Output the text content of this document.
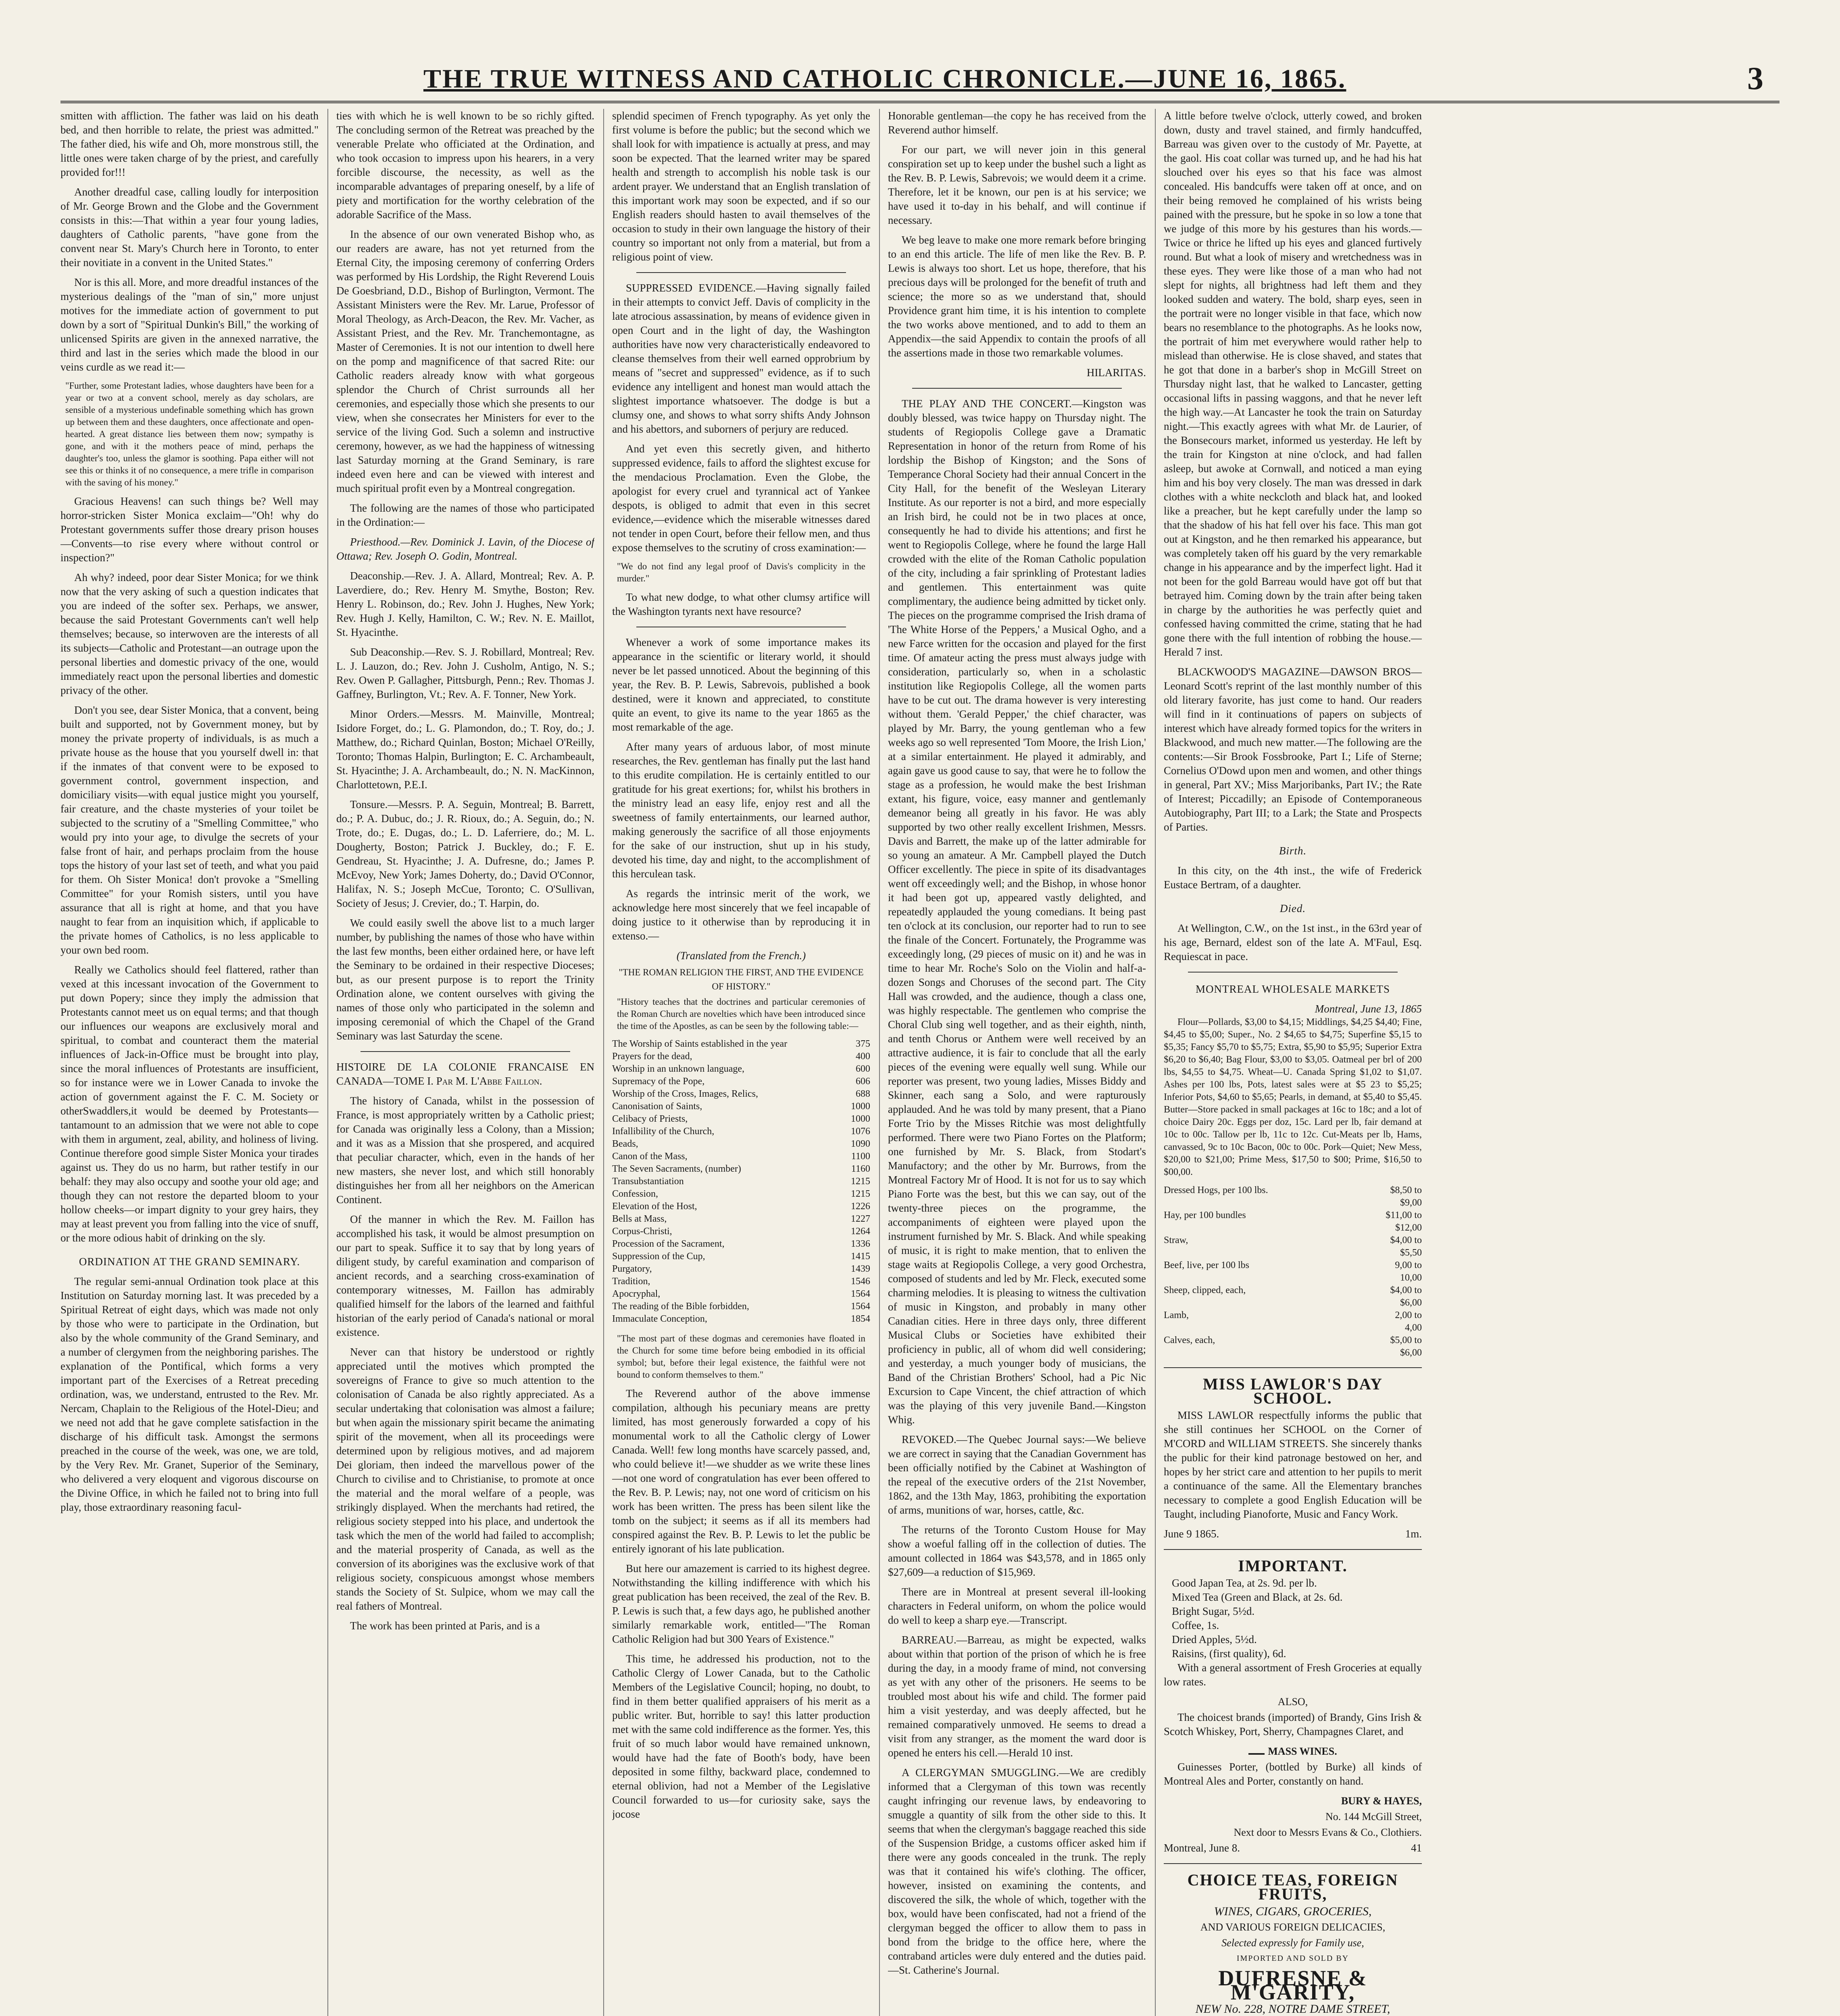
THE TRUE WITNESS AND CATHOLIC CHRONICLE.—JUNE 16, 1865.	3

smitten with affliction. The father was laid on his death bed, and then horrible to relate, the priest was admitted." The father died, his wife and Oh, more monstrous still, the little ones were taken charge of by the priest, and carefully provided for!!!

Another dreadful case, calling loudly for interposition of Mr. George Brown and the Globe and the Government consists in this:—That within a year four young ladies, daughters of Catholic parents, "have gone from the convent near St. Mary's Church here in Toronto, to enter their novitiate in a convent in the United States."

Nor is this all. More, and more dreadful instances of the mysterious dealings of the "man of sin," more unjust motives for the immediate action of government to put down by a sort of "Spiritual Dunkin's Bill," the working of unlicensed Spirits are given in the annexed narrative, the third and last in the series which made the blood in our veins curdle as we read it:—

"Further, some Protestant ladies, whose daughters have been for a year or two at a convent school, merely as day scholars, are sensible of a mysterious undefinable something which has grown up between them and these daughters, once affectionate and open-hearted. A great distance lies between them now; sympathy is gone, and with it the mothers peace of mind, perhaps the daughter's too, unless the glamor is soothing. Papa either will not see this or thinks it of no consequence, a mere trifle in comparison with the saving of his money."

Gracious Heavens! can such things be? Well may horror-stricken Sister Monica exclaim—"Oh! why do Protestant governments suffer those dreary prison houses—Convents—to rise every where without control or inspection?"

Ah why? indeed, poor dear Sister Monica; for we think now that the very asking of such a question indicates that you are indeed of the softer sex. Perhaps, we answer, because the said Protestant Governments can't well help themselves; because, so interwoven are the interests of all its subjects—Catholic and Protestant—an outrage upon the personal liberties and domestic privacy of the one, would immediately react upon the personal liberties and domestic privacy of the other.

Don't you see, dear Sister Monica, that a convent, being built and supported, not by Government money, but by money the private property of individuals, is as much a private house as the house that you yourself dwell in: that if the inmates of that convent were to be exposed to government control, government inspection, and domiciliary visits—with equal justice might you yourself, fair creature, and the chaste mysteries of your toilet be subjected to the scrutiny of a "Smelling Committee," who would pry into your age, to divulge the secrets of your false front of hair, and perhaps proclaim from the house tops the history of your last set of teeth, and what you paid for them. Oh Sister Monica! don't provoke a "Smelling Committee" for your Romish sisters, until you have assurance that all is right at home, and that you have naught to fear from an inquisition which, if applicable to the private homes of Catholics, is no less applicable to your own bed room.

Really we Catholics should feel flattered, rather than vexed at this incessant invocation of the Government to put down Popery; since they imply the admission that Protestants cannot meet us on equal terms; and that though our influences our weapons are exclusively moral and spiritual, to combat and counteract them the material influences of Jack-in-Office must be brought into play, since the moral influences of Protestants are insufficient, so for instance were we in Lower Canada to invoke the action of government against the F. C. M. Society or otherSwaddlers,it would be deemed by Protestants—tantamount to an admission that we were not able to cope with them in argument, zeal, ability, and holiness of living. Continue therefore good simple Sister Monica your tirades against us. They do us no harm, but rather testify in our behalf: they may also occupy and soothe your old age; and though they can not restore the departed bloom to your hollow cheeks—or impart dignity to your grey hairs, they may at least prevent you from falling into the vice of snuff, or the more odious habit of drinking on the sly.

ORDINATION AT THE GRAND SEMINARY.

The regular semi-annual Ordination took place at this Institution on Saturday morning last. It was preceded by a Spiritual Retreat of eight days, which was made not only by those who were to participate in the Ordination, but also by the whole community of the Grand Seminary, and a number of clergymen from the neighboring parishes. The explanation of the Pontifical, which forms a very important part of the Exercises of a Retreat preceding ordination, was, we understand, entrusted to the Rev. Mr. Nercam, Chaplain to the Religious of the Hotel-Dieu; and we need not add that he gave complete satisfaction in the discharge of his difficult task. Amongst the sermons preached in the course of the week, was one, we are told, by the Very Rev. Mr. Granet, Superior of the Seminary, who delivered a very eloquent and vigorous discourse on the Divine Office, in which he failed not to bring into full play, those extraordinary reasoning facul-

ties with which he is well known to be so richly gifted. The concluding sermon of the Retreat was preached by the venerable Prelate who officiated at the Ordination, and who took occasion to impress upon his hearers, in a very forcible discourse, the necessity, as well as the incomparable advantages of preparing oneself, by a life of piety and mortification for the worthy celebration of the adorable Sacrifice of the Mass.

In the absence of our own venerated Bishop who, as our readers are aware, has not yet returned from the Eternal City, the imposing ceremony of conferring Orders was performed by His Lordship, the Right Reverend Louis De Goesbriand, D.D., Bishop of Burlington, Vermont. The Assistant Ministers were the Rev. Mr. Larue, Professor of Moral Theology, as Arch-Deacon, the Rev. Mr. Vacher, as Assistant Priest, and the Rev. Mr. Tranchemontagne, as Master of Ceremonies. It is not our intention to dwell here on the pomp and magnificence of that sacred Rite: our Catholic readers already know with what gorgeous splendor the Church of Christ surrounds all her ceremonies, and especially those which she presents to our view, when she consecrates her Ministers for ever to the service of the living God. Such a solemn and instructive ceremony, however, as we had the happiness of witnessing last Saturday morning at the Grand Seminary, is rare indeed even here and can be viewed with interest and much spiritual profit even by a Montreal congregation.

The following are the names of those who participated in the Ordination:—

Priesthood.—Rev. Dominick J. Lavin, of the Diocese of Ottawa; Rev. Joseph O. Godin, Montreal.

Deaconship.—Rev. J. A. Allard, Montreal; Rev. A. P. Laverdiere, do.; Rev. Henry M. Smythe, Boston; Rev. Henry L. Robinson, do.; Rev. John J. Hughes, New York; Rev. Hugh J. Kelly, Hamilton, C. W.; Rev. N. E. Maillot, St. Hyacinthe.

Sub Deaconship.—Rev. S. J. Robillard, Montreal; Rev. L. J. Lauzon, do.; Rev. John J. Cusholm, Antigo, N. S.; Rev. Owen P. Gallagher, Pittsburgh, Penn.; Rev. Thomas J. Gaffney, Burlington, Vt.; Rev. A. F. Tonner, New York.

Minor Orders.—Messrs. M. Mainville, Montreal; Isidore Forget, do.; L. G. Plamondon, do.; T. Roy, do.; J. Matthew, do.; Richard Quinlan, Boston; Michael O'Reilly, Toronto; Thomas Halpin, Burlington; E. C. Archambeault, St. Hyacinthe; J. A. Archambeault, do.; N. N. MacKinnon, Charlottetown, P.E.I.

Tonsure.—Messrs. P. A. Seguin, Montreal; B. Barrett, do.; P. A. Dubuc, do.; J. R. Rioux, do.; A. Seguin, do.; N. Trote, do.; E. Dugas, do.; L. D. Laferriere, do.; M. L. Dougherty, Boston; Patrick J. Buckley, do.; F. E. Gendreau, St. Hyacinthe; J. A. Dufresne, do.; James P. McEvoy, New York; James Doherty, do.; David O'Connor, Halifax, N. S.; Joseph McCue, Toronto; C. O'Sullivan, Society of Jesus; J. Crevier, do.; T. Harpin, do.

We could easily swell the above list to a much larger number, by publishing the names of those who have within the last few months, been either ordained here, or have left the Seminary to be ordained in their respective Dioceses; but, as our present purpose is to report the Trinity Ordination alone, we content ourselves with giving the names of those only who participated in the solemn and imposing ceremonial of which the Chapel of the Grand Seminary was last Saturday the scene.

HISTOIRE DE LA COLONIE FRANCAISE EN CANADA—TOME I. Par M. L'Abbe Faillon.

The history of Canada, whilst in the possession of France, is most appropriately written by a Catholic priest; for Canada was originally less a Colony, than a Mission; and it was as a Mission that she prospered, and acquired that peculiar character, which, even in the hands of her new masters, she never lost, and which still honorably distinguishes her from all her neighbors on the American Continent.

Of the manner in which the Rev. M. Faillon has accomplished his task, it would be almost presumption on our part to speak. Suffice it to say that by long years of diligent study, by careful examination and comparison of ancient records, and a searching cross-examination of contemporary witnesses, M. Faillon has admirably qualified himself for the labors of the learned and faithful historian of the early period of Canada's national or moral existence.

Never can that history be understood or rightly appreciated until the motives which prompted the sovereigns of France to give so much attention to the colonisation of Canada be also rightly appreciated. As a secular undertaking that colonisation was almost a failure; but when again the missionary spirit became the animating spirit of the movement, when all its proceedings were determined upon by religious motives, and ad majorem Dei gloriam, then indeed the marvellous power of the Church to civilise and to Christianise, to promote at once the material and the moral welfare of a people, was strikingly displayed. When the merchants had retired, the religious society stepped into his place, and undertook the task which the men of the world had failed to accomplish; and the material prosperity of Canada, as well as the conversion of its aborigines was the exclusive work of that religious society, conspicuous amongst whose members stands the Society of St. Sulpice, whom we may call the real fathers of Montreal.

The work has been printed at Paris, and is a

splendid specimen of French typography. As yet only the first volume is before the public; but the second which we shall look for with impatience is actually at press, and may soon be expected. That the learned writer may be spared health and strength to accomplish his noble task is our ardent prayer. We understand that an English translation of this important work may soon be expected, and if so our English readers should hasten to avail themselves of the occasion to study in their own language the history of their country so important not only from a material, but from a religious point of view.

SUPPRESSED EVIDENCE.—Having signally failed in their attempts to convict Jeff. Davis of complicity in the late atrocious assassination, by means of evidence given in open Court and in the light of day, the Washington authorities have now very characteristically endeavored to cleanse themselves from their well earned opprobrium by means of "secret and suppressed" evidence, as if to such evidence any intelligent and honest man would attach the slightest importance whatsoever. The dodge is but a clumsy one, and shows to what sorry shifts Andy Johnson and his abettors, and suborners of perjury are reduced.

And yet even this secretly given, and hitherto suppressed evidence, fails to afford the slightest excuse for the mendacious Proclamation. Even the Globe, the apologist for every cruel and tyrannical act of Yankee despots, is obliged to admit that even in this secret evidence,—evidence which the miserable witnesses dared not tender in open Court, before their fellow men, and thus expose themselves to the scrutiny of cross examination:—

"We do not find any legal proof of Davis's complicity in the murder."

To what new dodge, to what other clumsy artifice will the Washington tyrants next have resource?

Whenever a work of some importance makes its appearance in the scientific or literary world, it should never be let passed unnoticed. About the beginning of this year, the Rev. B. P. Lewis, Sabrevois, published a book destined, were it known and appreciated, to constitute quite an event, to give its name to the year 1865 as the most remarkable of the age.

After many years of arduous labor, of most minute researches, the Rev. gentleman has finally put the last hand to this erudite compilation. He is certainly entitled to our gratitude for his great exertions; for, whilst his brothers in the ministry lead an easy life, enjoy rest and all the sweetness of family entertainments, our learned author, making generously the sacrifice of all those enjoyments for the sake of our instruction, shut up in his study, devoted his time, day and night, to the accomplishment of this herculean task.

As regards the intrinsic merit of the work, we acknowledge here most sincerely that we feel incapable of doing justice to it otherwise than by reproducing it in extenso.—

(Translated from the French.)
"THE ROMAN RELIGION THE FIRST, AND THE EVIDENCE OF HISTORY."
"History teaches that the doctrines and particular ceremonies of the Roman Church are novelties which have been introduced since the time of the Apostles, as can be seen by the following table:—
The Worship of Saints established in the year	375
Prayers for the dead,	400
Worship in an unknown language,	600
Supremacy of the Pope,	606
Worship of the Cross, Images, Relics,	688
Canonisation of Saints,	1000
Celibacy of Priests,	1000
Infallibility of the Church,	1076
Beads,	1090
Canon of the Mass,	1100
The Seven Sacraments, (number)	1160
Transubstantiation	1215
Confession,	1215
Elevation of the Host,	1226
Bells at Mass,	1227
Corpus-Christi,	1264
Procession of the Sacrament,	1336
Suppression of the Cup,	1415
Purgatory,	1439
Tradition,	1546
Apocryphal,	1564
The reading of the Bible forbidden,	1564
Immaculate Conception,	1854
"The most part of these dogmas and ceremonies have floated in the Church for some time before being embodied in its official symbol; but, before their legal existence, the faithful were not bound to conform themselves to them."

The Reverend author of the above immense compilation, although his pecuniary means are pretty limited, has most generously forwarded a copy of his monumental work to all the Catholic clergy of Lower Canada. Well! few long months have scarcely passed, and, who could believe it!—we shudder as we write these lines—not one word of congratulation has ever been offered to the Rev. B. P. Lewis; nay, not one word of criticism on his work has been written. The press has been silent like the tomb on the subject; it seems as if all its members had conspired against the Rev. B. P. Lewis to let the public be entirely ignorant of his late publication.

But here our amazement is carried to its highest degree. Notwithstanding the killing indifference with which his great publication has been received, the zeal of the Rev. B. P. Lewis is such that, a few days ago, he published another similarly remarkable work, entitled—"The Roman Catholic Religion had but 300 Years of Existence."

This time, he addressed his production, not to the Catholic Clergy of Lower Canada, but to the Catholic Members of the Legislative Council; hoping, no doubt, to find in them better qualified appraisers of his merit as a public writer. But, horrible to say! this latter production met with the same cold indifference as the former. Yes, this fruit of so much labor would have remained unknown, would have had the fate of Booth's body, have been deposited in some filthy, backward place, condemned to eternal oblivion, had not a Member of the Legislative Council forwarded to us—for curiosity sake, says the jocose

Honorable gentleman—the copy he has received from the Reverend author himself.

For our part, we will never join in this general conspiration set up to keep under the bushel such a light as the Rev. B. P. Lewis, Sabrevois; we would deem it a crime. Therefore, let it be known, our pen is at his service; we have used it to-day in his behalf, and will continue if necessary.

We beg leave to make one more remark before bringing to an end this article. The life of men like the Rev. B. P. Lewis is always too short. Let us hope, therefore, that his precious days will be prolonged for the benefit of truth and science; the more so as we understand that, should Providence grant him time, it is his intention to complete the two works above mentioned, and to add to them an Appendix—the said Appendix to contain the proofs of all the assertions made in those two remarkable volumes.

HILARITAS.

THE PLAY AND THE CONCERT.—Kingston was doubly blessed, was twice happy on Thursday night. The students of Regiopolis College gave a Dramatic Representation in honor of the return from Rome of his lordship the Bishop of Kingston; and the Sons of Temperance Choral Society had their annual Concert in the City Hall, for the benefit of the Wesleyan Literary Institute. As our reporter is not a bird, and more especially an Irish bird, he could not be in two places at once, consequently he had to divide his attentions; and first he went to Regiopolis College, where he found the large Hall crowded with the elite of the Roman Catholic population of the city, including a fair sprinkling of Protestant ladies and gentlemen. This entertainment was quite complimentary, the audience being admitted by ticket only. The pieces on the programme comprised the Irish drama of 'The White Horse of the Peppers,' a Musical Ogho, and a new Farce written for the occasion and played for the first time. Of amateur acting the press must always judge with consideration, particularly so, when in a scholastic institution like Regiopolis College, all the women parts have to be cut out. The drama however is very interesting without them. 'Gerald Pepper,' the chief character, was played by Mr. Barry, the young gentleman who a few weeks ago so well represented 'Tom Moore, the Irish Lion,' at a similar entertainment. He played it admirably, and again gave us good cause to say, that were he to follow the stage as a profession, he would make the best Irishman extant, his figure, voice, easy manner and gentlemanly demeanor being all greatly in his favor. He was ably supported by two other really excellent Irishmen, Messrs. Davis and Barrett, the make up of the latter admirable for so young an amateur. A Mr. Campbell played the Dutch Officer excellently. The piece in spite of its disadvantages went off exceedingly well; and the Bishop, in whose honor it had been got up, appeared vastly delighted, and repeatedly applauded the young comedians. It being past ten o'clock at its conclusion, our reporter had to run to see the finale of the Concert. Fortunately, the Programme was exceedingly long, (29 pieces of music on it) and he was in time to hear Mr. Roche's Solo on the Violin and half-a-dozen Songs and Choruses of the second part. The City Hall was crowded, and the audience, though a class one, was highly respectable. The gentlemen who comprise the Choral Club sing well together, and as their eighth, ninth, and tenth Chorus or Anthem were well received by an attractive audience, it is fair to conclude that all the early pieces of the evening were equally well sung. While our reporter was present, two young ladies, Misses Biddy and Skinner, each sang a Solo, and were rapturously applauded. And he was told by many present, that a Piano Forte Trio by the Misses Ritchie was most delightfully performed. There were two Piano Fortes on the Platform; one furnished by Mr. S. Black, from Stodart's Manufactory; and the other by Mr. Burrows, from the Montreal Factory Mr of Hood. It is not for us to say which Piano Forte was the best, but this we can say, out of the twenty-three pieces on the programme, the accompaniments of eighteen were played upon the instrument furnished by Mr. S. Black. And while speaking of music, it is right to make mention, that to enliven the stage waits at Regiopolis College, a very good Orchestra, composed of students and led by Mr. Fleck, executed some charming melodies. It is pleasing to witness the cultivation of music in Kingston, and probably in many other Canadian cities. Here in three days only, three different Musical Clubs or Societies have exhibited their proficiency in public, all of whom did well considering; and yesterday, a much younger body of musicians, the Band of the Christian Brothers' School, had a Pic Nic Excursion to Cape Vincent, the chief attraction of which was the playing of this very juvenile Band.—Kingston Whig.

REVOKED.—The Quebec Journal says:—We believe we are correct in saying that the Canadian Government has been officially notified by the Cabinet at Washington of the repeal of the executive orders of the 21st November, 1862, and the 13th May, 1863, prohibiting the exportation of arms, munitions of war, horses, cattle, &c.

The returns of the Toronto Custom House for May show a woeful falling off in the collection of duties. The amount collected in 1864 was $43,578, and in 1865 only $27,609—a reduction of $15,969.

There are in Montreal at present several ill-looking characters in Federal uniform, on whom the police would do well to keep a sharp eye.—Transcript.

BARREAU.—Barreau, as might be expected, walks about within that portion of the prison of which he is free during the day, in a moody frame of mind, not conversing as yet with any other of the prisoners. He seems to be troubled most about his wife and child. The former paid him a visit yesterday, and was deeply affected, but he remained comparatively unmoved. He seems to dread a visit from any stranger, as the moment the ward door is opened he enters his cell.—Herald 10 inst.

A CLERGYMAN SMUGGLING.—We are credibly informed that a Clergyman of this town was recently caught infringing our revenue laws, by endeavoring to smuggle a quantity of silk from the other side to this. It seems that when the clergyman's baggage reached this side of the Suspension Bridge, a customs officer asked him if there were any goods concealed in the trunk. The reply was that it contained his wife's clothing. The officer, however, insisted on examining the contents, and discovered the silk, the whole of which, together with the box, would have been confiscated, had not a friend of the clergyman begged the officer to allow them to pass in bond from the bridge to the office here, where the contraband articles were duly entered and the duties paid.—St. Catherine's Journal.

A little before twelve o'clock, utterly cowed, and broken down, dusty and travel stained, and firmly handcuffed, Barreau was given over to the custody of Mr. Payette, at the gaol. His coat collar was turned up, and he had his hat slouched over his eyes so that his face was almost concealed. His bandcuffs were taken off at once, and on their being removed he complained of his wrists being pained with the pressure, but he spoke in so low a tone that we judge of this more by his gestures than his words.—Twice or thrice he lifted up his eyes and glanced furtively round. But what a look of misery and wretchedness was in these eyes. They were like those of a man who had not slept for nights, all brightness had left them and they looked sudden and watery. The bold, sharp eyes, seen in the portrait were no longer visible in that face, which now bears no resemblance to the photographs. As he looks now, the portrait of him met everywhere would rather help to mislead than otherwise. He is close shaved, and states that he got that done in a barber's shop in McGill Street on Thursday night last, that he walked to Lancaster, getting occasional lifts in passing waggons, and that he never left the high way.—At Lancaster he took the train on Saturday night.—This exactly agrees with what Mr. de Laurier, of the Bonsecours market, informed us yesterday. He left by the train for Kingston at nine o'clock, and had fallen asleep, but awoke at Cornwall, and noticed a man eying him and his boy very closely. The man was dressed in dark clothes with a white neckcloth and black hat, and looked like a preacher, but he kept carefully under the lamp so that the shadow of his hat fell over his face. This man got out at Kingston, and he then remarked his appearance, but was completely taken off his guard by the very remarkable change in his appearance and by the imperfect light. Had it not been for the gold Barreau would have got off but that betrayed him. Coming down by the train after being taken in charge by the authorities he was perfectly quiet and confessed having committed the crime, stating that he had gone there with the full intention of robbing the house.—Herald 7 inst.

BLACKWOOD'S MAGAZINE—DAWSON BROS—Leonard Scott's reprint of the last monthly number of this old literary favorite, has just come to hand. Our readers will find in it continuations of papers on subjects of interest which have already formed topics for the writers in Blackwood, and much new matter.—The following are the contents:—Sir Brook Fossbrooke, Part I.; Life of Sterne; Cornelius O'Dowd upon men and women, and other things in general, Part XV.; Miss Marjoribanks, Part IV.; the Rate of Interest; Piccadilly; an Episode of Contemporaneous Autobiography, Part III; to a Lark; the State and Prospects of Parties.

Birth.

In this city, on the 4th inst., the wife of Frederick Eustace Bertram, of a daughter.

Died.

At Wellington, C.W., on the 1st inst., in the 63rd year of his age, Bernard, eldest son of the late A. M'Faul, Esq. Requiescat in pace.

MONTREAL WHOLESALE MARKETS
Montreal, June 13, 1865

Flour—Pollards, $3,00 to $4,15; Middlings, $4,25 $4,40; Fine, $4,45 to $5,00; Super., No. 2 $4,65 to $4,75; Superfine $5,15 to $5,35; Fancy $5,70 to $5,75; Extra, $5,90 to $5,95; Superior Extra $6,20 to $6,40; Bag Flour, $3,00 to $3,05. Oatmeal per brl of 200 lbs, $4,55 to $4,75. Wheat—U. Canada Spring $1,02 to $1,07. Ashes per 100 lbs, Pots, latest sales were at $5 23 to $5,25; Inferior Pots, $4,60 to $5,65; Pearls, in demand, at $5,40 to $5,45. Butter—Store packed in small packages at 16c to 18c; and a lot of choice Dairy 20c. Eggs per doz, 15c. Lard per lb, fair demand at 10c to 00c. Tallow per lb, 11c to 12c. Cut-Meats per lb, Hams, canvassed, 9c to 10c Bacon, 00c to 00c. Pork—Quiet; New Mess, $20,00 to $21,00; Prime Mess, $17,50 to $00; Prime, $16,50 to $00,00.

Dressed Hogs, per 100 lbs.	$8,50 to $9,00
Hay, per 100 bundles	$11,00 to $12,00
Straw,	$4,00 to $5,50
Beef, live, per 100 lbs	9,00 to 10,00
Sheep, clipped, each,	$4,00 to $6,00
Lamb,	2,00 to 4,00
Calves, each,	$5,00 to $6,00
MISS LAWLOR'S DAY SCHOOL.

MISS LAWLOR respectfully informs the public that she still continues her SCHOOL on the Corner of M'CORD and WILLIAM STREETS. She sincerely thanks the public for their kind patronage bestowed on her, and hopes by her strict care and attention to her pupils to merit a continuance of the same. All the Elementary branches necessary to complete a good English Education will be Taught, including Pianoforte, Music and Fancy Work.

June 9 1865.	1m.
IMPORTANT.
Good Japan Tea, at 2s. 9d. per lb.
Mixed Tea (Green and Black, at 2s. 6d.
Bright Sugar, 5½d.
Coffee, 1s.
Dried Apples, 5½d.
Raisins, (first quality), 6d.

With a general assortment of Fresh Groceries at equally low rates.

ALSO,

The choicest brands (imported) of Brandy, Gins Irish & Scotch Whiskey, Port, Sherry, Champagnes Claret, and

MASS WINES.

Guinesses Porter, (bottled by Burke) all kinds of Montreal Ales and Porter, constantly on hand.

BURY & HAYES,
No. 144 McGill Street,
Next door to Messrs Evans & Co., Clothiers.
Montreal, June 8.	41
CHOICE TEAS, FOREIGN FRUITS,
WINES, CIGARS, GROCERIES,
AND VARIOUS FOREIGN DELICACIES,
Selected expressly for Family use,
IMPORTED AND SOLD BY
DUFRESNE & M'GARITY,
NEW No. 228, NOTRE DAME STREET,
